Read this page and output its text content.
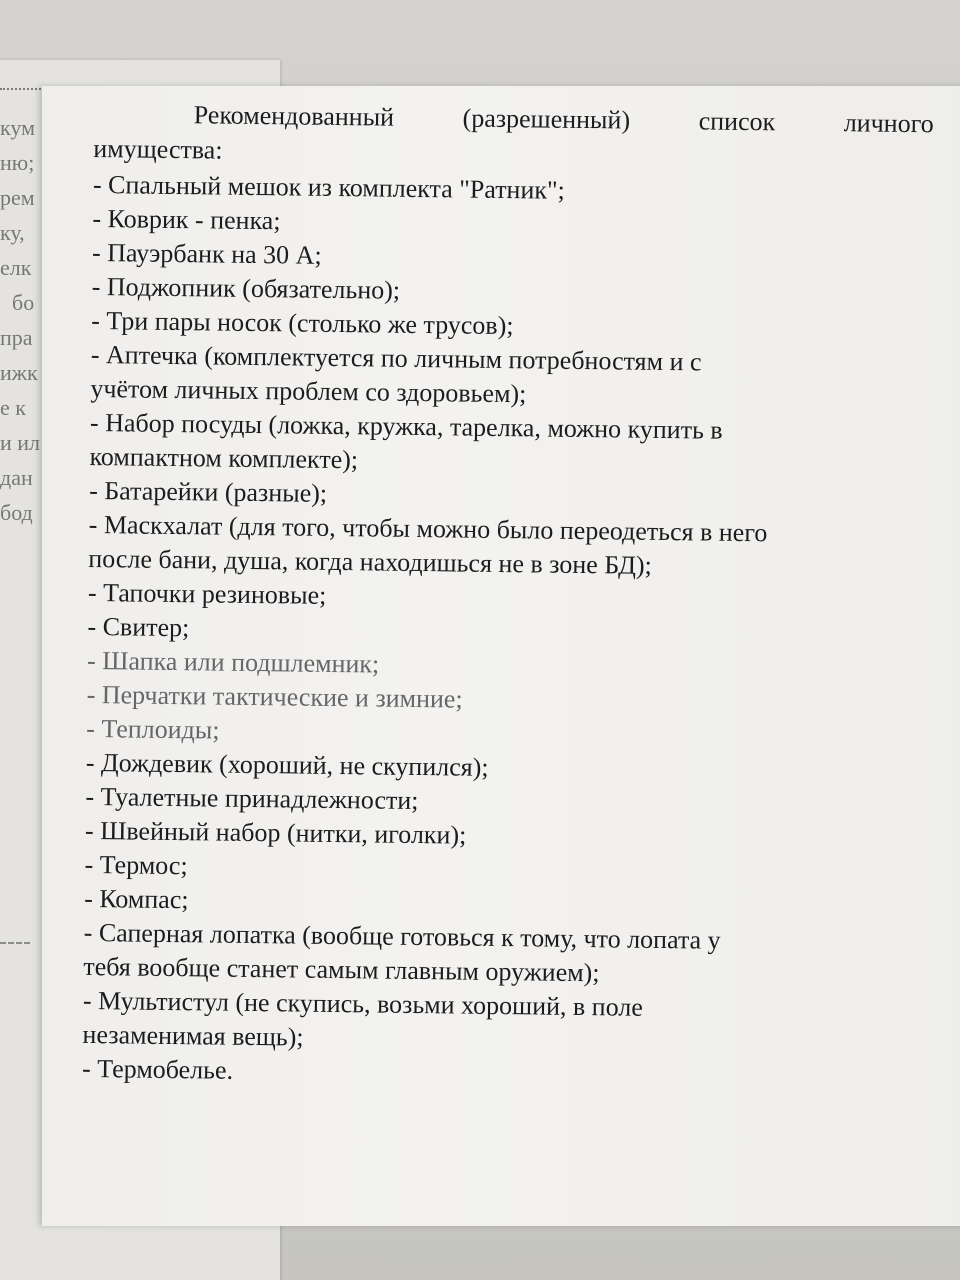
кум
ню;
рем
ку,
елк
бо
пра
ижк
е к
и ил
дан
бод
Рекомендованный	(разрешенный)	список	личного
имущества:
- Спальный мешок из комплекта "Ратник";
- Коврик - пенка;
- Пауэрбанк на 30 А;
- Поджопник (обязательно);
- Три пары носок (столько же трусов);
- Аптечка (комплектуется по личным потребностям и с
учётом личных проблем со здоровьем);
- Набор посуды (ложка, кружка, тарелка, можно купить в
компактном комплекте);
- Батарейки (разные);
- Маскхалат (для того, чтобы можно было переодеться в него
после бани, душа, когда находишься не в зоне БД);
- Тапочки резиновые;
- Свитер;
- Шапка или подшлемник;
- Перчатки тактические и зимние;
- Теплоиды;
- Дождевик (хороший, не скупился);
- Туалетные принадлежности;
- Швейный набор (нитки, иголки);
- Термос;
- Компас;
- Саперная лопатка (вообще готовься к тому, что лопата у
тебя вообще станет самым главным оружием);
- Мультистул (не скупись, возьми хороший, в поле
незаменимая вещь);
- Термобелье.
